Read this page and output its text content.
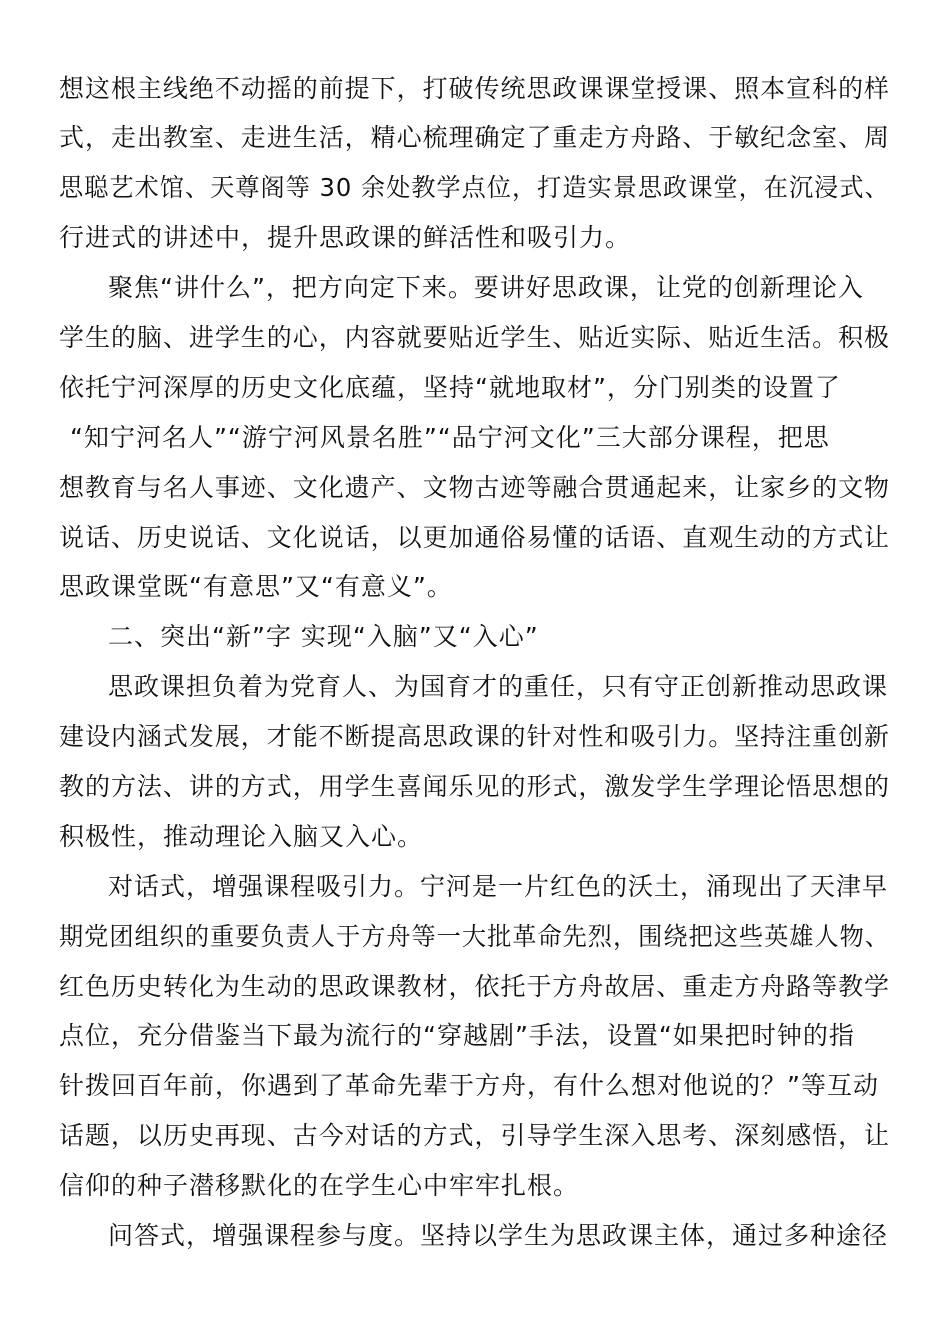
想这根主线绝不动摇的前提下，打破传统思政课课堂授课、照本宣科的样

式，走出教室、走进生活，精心梳理确定了重走方舟路、于敏纪念室、周

思聪艺术馆、天尊阁等 30 余处教学点位，打造实景思政课堂，在沉浸式、

行进式的讲述中，提升思政课的鲜活性和吸引力。

聚焦“讲什么”，把方向定下来。要讲好思政课，让党的创新理论入

学生的脑、进学生的心，内容就要贴近学生、贴近实际、贴近生活。积极

依托宁河深厚的历史文化底蕴，坚持“就地取材”，分门别类的设置了

“知宁河名人”“游宁河风景名胜”“品宁河文化”三大部分课程，把思

想教育与名人事迹、文化遗产、文物古迹等融合贯通起来，让家乡的文物

说话、历史说话、文化说话，以更加通俗易懂的话语、直观生动的方式让

思政课堂既“有意思”又“有意义”。

二、突出“新”字 实现“入脑”又“入心”

思政课担负着为党育人、为国育才的重任，只有守正创新推动思政课

建设内涵式发展，才能不断提高思政课的针对性和吸引力。坚持注重创新

教的方法、讲的方式，用学生喜闻乐见的形式，激发学生学理论悟思想的

积极性，推动理论入脑又入心。

对话式，增强课程吸引力。宁河是一片红色的沃土，涌现出了天津早

期党团组织的重要负责人于方舟等一大批革命先烈，围绕把这些英雄人物、

红色历史转化为生动的思政课教材，依托于方舟故居、重走方舟路等教学

点位，充分借鉴当下最为流行的“穿越剧”手法，设置“如果把时钟的指

针拨回百年前，你遇到了革命先辈于方舟，有什么想对他说的？”等互动

话题，以历史再现、古今对话的方式，引导学生深入思考、深刻感悟，让

信仰的种子潜移默化的在学生心中牢牢扎根。

问答式，增强课程参与度。坚持以学生为思政课主体，通过多种途径
